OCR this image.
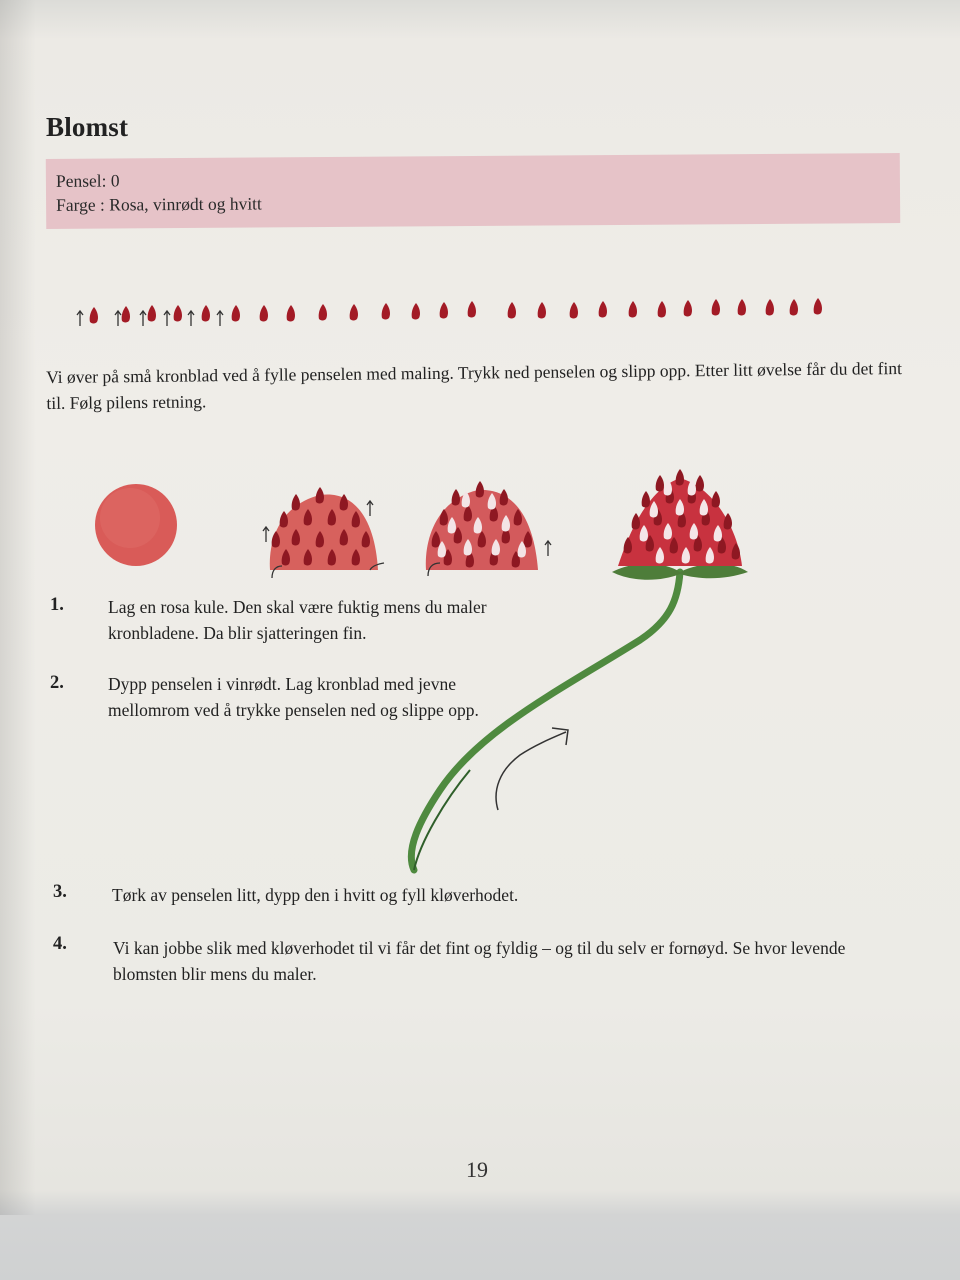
Blomst
Pensel: 0
Farge : Rosa, vinrødt og hvitt
Vi øver på små kronblad ved å fylle penselen med maling. Trykk ned penselen og slipp opp. Etter litt øvelse får du det fint til. Følg pilens retning.
1.	Lag en rosa kule. Den skal være fuktig mens du maler kronbladene. Da blir sjatteringen fin.
2.	Dypp penselen i vinrødt. Lag kronblad med jevne mellomrom ved å trykke penselen ned og slippe opp.
3.	Tørk av penselen litt, dypp den i hvitt og fyll kløverhodet.
4.	Vi kan jobbe slik med kløverhodet til vi får det fint og fyldig – og til du selv er fornøyd. Se hvor levende blomsten blir mens du maler.
19
